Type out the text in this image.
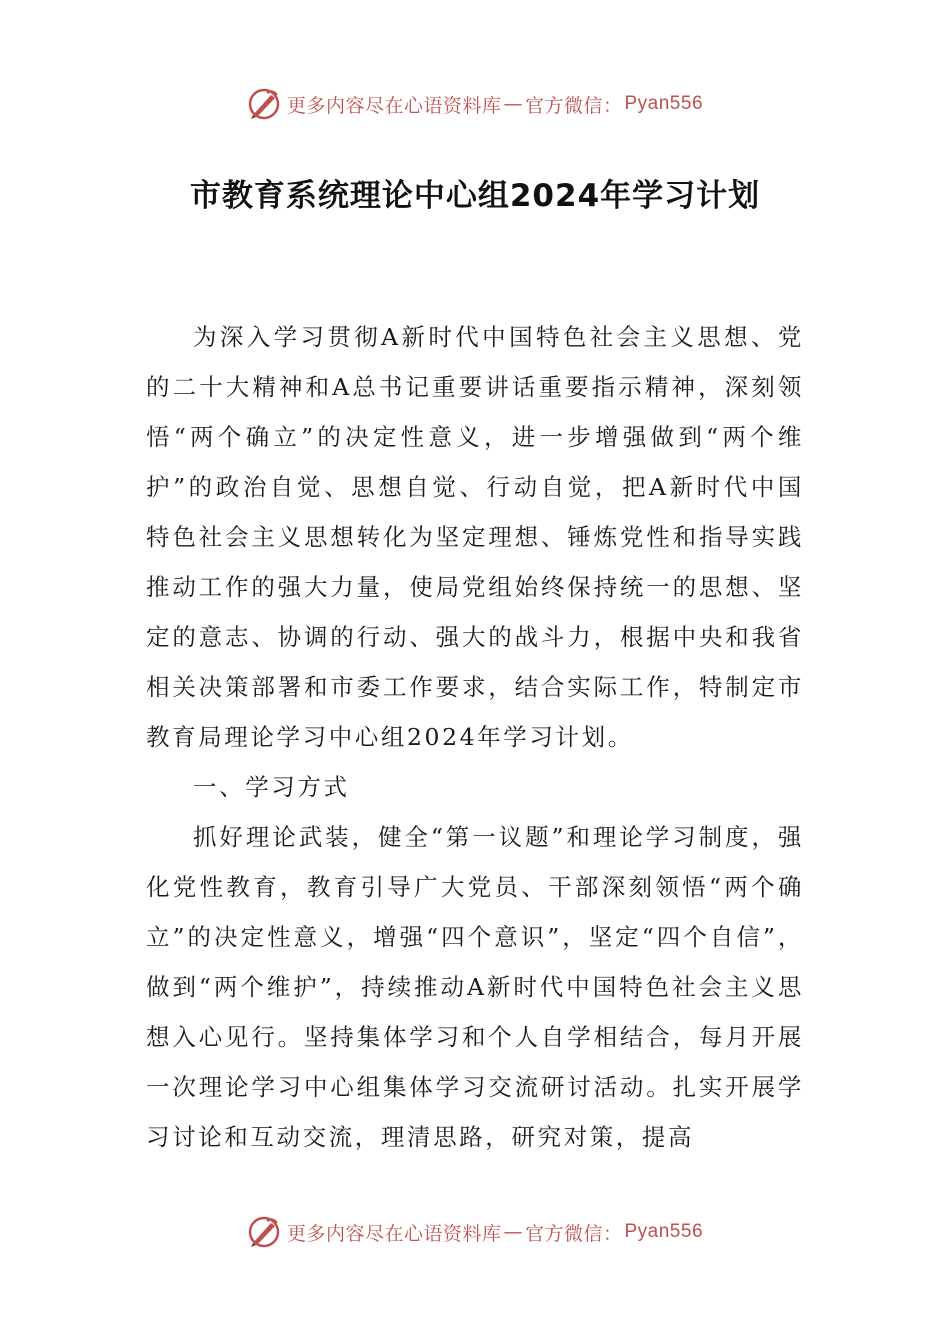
更多内容尽在心语资料库 — 官方微信： Pyan556
市教育系统理论中心组2024年学习计划

为深入学习贯彻A新时代中国特色社会主义思想、党的二十大精神和A总书记重要讲话重要指示精神，深刻领悟“两个确立”的决定性意义，进一步增强做到“两个维护”的政治自觉、思想自觉、行动自觉，把A新时代中国特色社会主义思想转化为坚定理想、锤炼党性和指导实践推动工作的强大力量，使局党组始终保持统一的思想、坚定的意志、协调的行动、强大的战斗力，根据中央和我省相关决策部署和市委工作要求，结合实际工作，特制定市教育局理论学习中心组2024年学习计划。

一、学习方式

抓好理论武装，健全“第一议题”和理论学习制度，强化党性教育，教育引导广大党员、干部深刻领悟“两个确立”的决定性意义，增强“四个意识”，坚定“四个自信”，做到“两个维护”，持续推动A新时代中国特色社会主义思想入心见行。坚持集体学习和个人自学相结合，每月开展一次理论学习中心组集体学习交流研讨活动。扎实开展学习讨论和互动交流，理清思路，研究对策，提高

更多内容尽在心语资料库 — 官方微信： Pyan556
